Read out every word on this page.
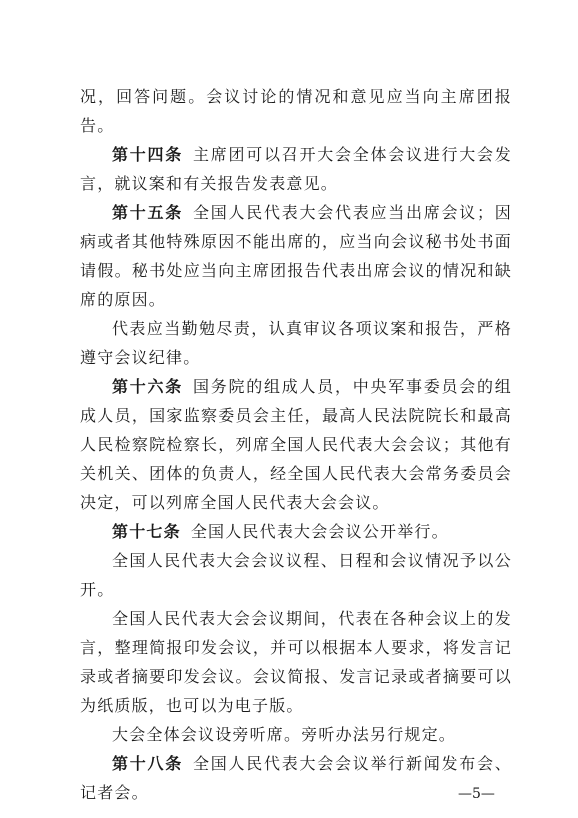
况，回答问题。会议讨论的情况和意见应当向主席团报告。

第十四条 主席团可以召开大会全体会议进行大会发言，就议案和有关报告发表意见。

第十五条 全国人民代表大会代表应当出席会议；因病或者其他特殊原因不能出席的，应当向会议秘书处书面请假。秘书处应当向主席团报告代表出席会议的情况和缺席的原因。

代表应当勤勉尽责，认真审议各项议案和报告，严格遵守会议纪律。

第十六条 国务院的组成人员，中央军事委员会的组成人员，国家监察委员会主任，最高人民法院院长和最高人民检察院检察长，列席全国人民代表大会会议；其他有关机关、团体的负责人，经全国人民代表大会常务委员会决定，可以列席全国人民代表大会会议。

第十七条 全国人民代表大会会议公开举行。

全国人民代表大会会议议程、日程和会议情况予以公开。

全国人民代表大会会议期间，代表在各种会议上的发言，整理简报印发会议，并可以根据本人要求，将发言记录或者摘要印发会议。会议简报、发言记录或者摘要可以为纸质版，也可以为电子版。

大会全体会议设旁听席。旁听办法另行规定。

第十八条 全国人民代表大会会议举行新闻发布会、记者会。	—5—
